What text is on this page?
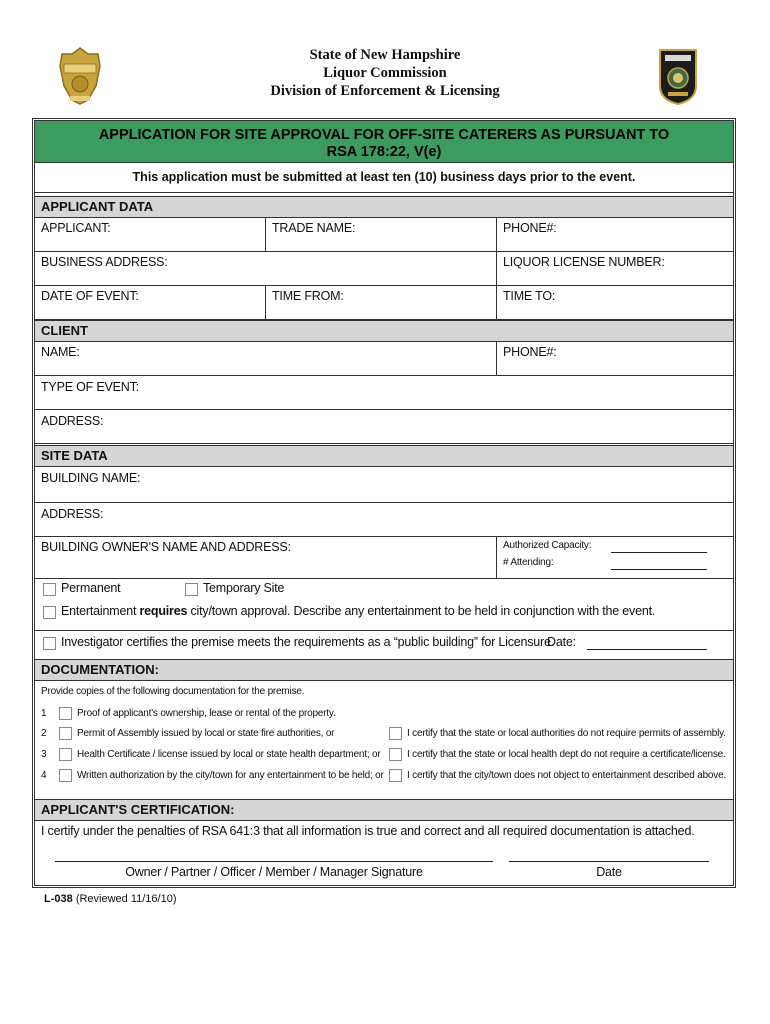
State of New Hampshire
Liquor Commission
Division of Enforcement & Licensing
APPLICATION FOR SITE APPROVAL FOR OFF-SITE CATERERS AS PURSUANT TO
RSA 178:22, V(e)
This application must be submitted at least ten (10) business days prior to the event.
APPLICANT DATA
APPLICANT:	TRADE NAME:	PHONE#:
BUSINESS ADDRESS:	LIQUOR LICENSE NUMBER:
DATE OF EVENT:	TIME FROM:	TIME TO:
CLIENT
NAME:	PHONE#:
TYPE OF EVENT:
ADDRESS:
SITE DATA
BUILDING NAME:
ADDRESS:
BUILDING OWNER'S NAME AND ADDRESS:	Authorized Capacity:
# Attending:
Permanent	Temporary Site
Entertainment requires city/town approval. Describe any entertainment to be held in conjunction with the event.
Investigator certifies the premise meets the requirements as a “public building” for Licensure.
Date:
DOCUMENTATION:
Provide copies of the following documentation for the premise.
1	Proof of applicant's ownership, lease or rental of the property.
2	Permit of Assembly issued by local or state fire authorities, or	I certify that the state or local authorities do not require permits of assembly.
3	Health Certificate / license issued by local or state health department; or	I certify that the state or local health dept do not require a certificate/license.
4	Written authorization by the city/town for any entertainment to be held; or I certify that the city/town does not object to entertainment described above.
APPLICANT'S CERTIFICATION:
I certify under the penalties of RSA 641:3 that all information is true and correct and all required documentation is attached.
Owner / Partner / Officer / Member / Manager Signature	Date
L-038 (Reviewed 11/16/10)
